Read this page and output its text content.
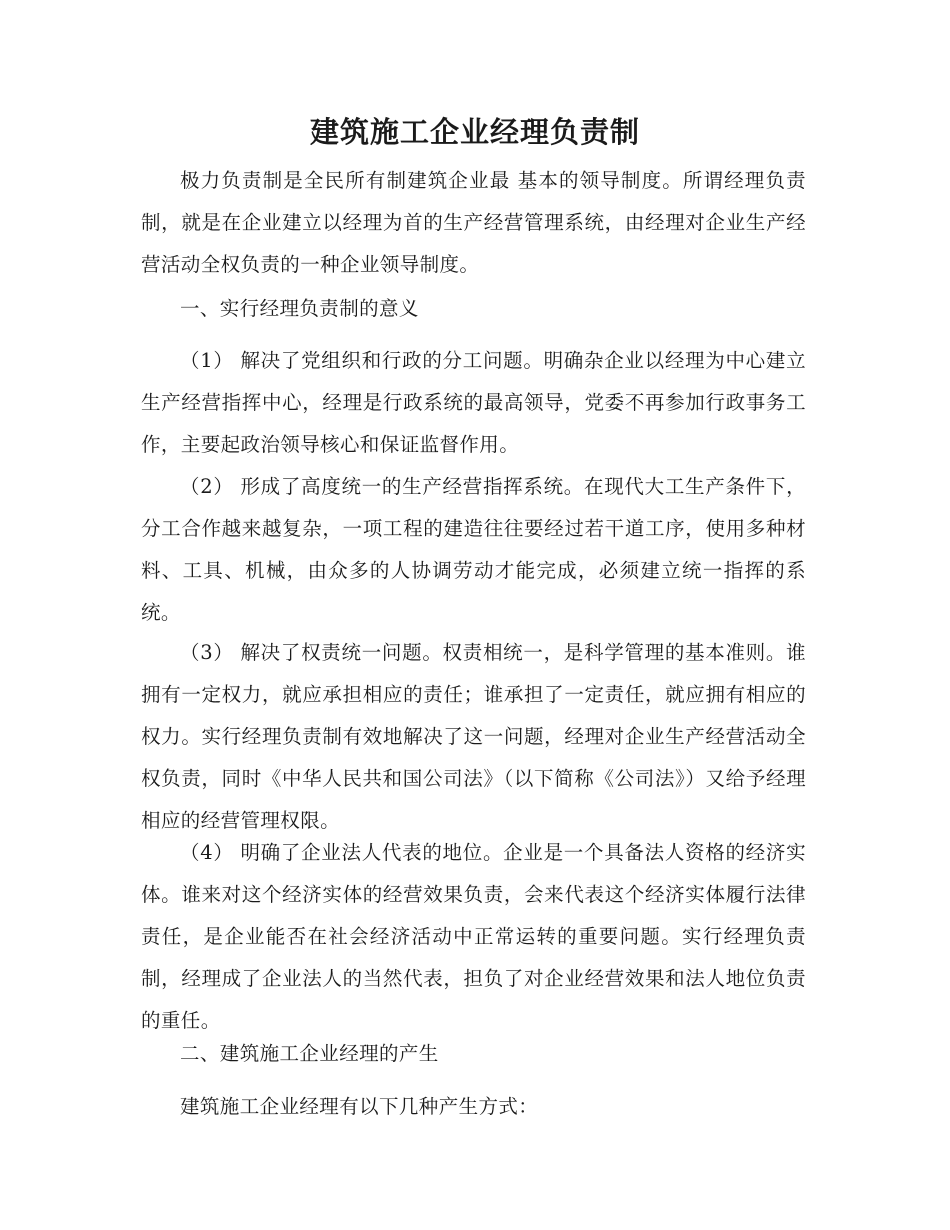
建筑施工企业经理负责制

极力负责制是全民所有制建筑企业最 基本的领导制度。所谓经理负责制，就是在企业建立以经理为首的生产经营管理系统，由经理对企业生产经营活动全权负责的一种企业领导制度。

一、实行经理负责制的意义

（1） 解决了党组织和行政的分工问题。明确杂企业以经理为中心建立生产经营指挥中心，经理是行政系统的最高领导，党委不再参加行政事务工作，主要起政治领导核心和保证监督作用。

（2） 形成了高度统一的生产经营指挥系统。在现代大工生产条件下，分工合作越来越复杂，一项工程的建造往往要经过若干道工序，使用多种材料、工具、机械，由众多的人协调劳动才能完成，必须建立统一指挥的系统。

（3） 解决了权责统一问题。权责相统一，是科学管理的基本准则。谁拥有一定权力，就应承担相应的责任；谁承担了一定责任，就应拥有相应的权力。实行经理负责制有效地解决了这一问题，经理对企业生产经营活动全权负责，同时《中华人民共和国公司法》（以下简称《公司法》）又给予经理相应的经营管理权限。

（4） 明确了企业法人代表的地位。企业是一个具备法人资格的经济实体。谁来对这个经济实体的经营效果负责，会来代表这个经济实体履行法律责任，是企业能否在社会经济活动中正常运转的重要问题。实行经理负责制，经理成了企业法人的当然代表，担负了对企业经营效果和法人地位负责的重任。

二、建筑施工企业经理的产生

建筑施工企业经理有以下几种产生方式：
